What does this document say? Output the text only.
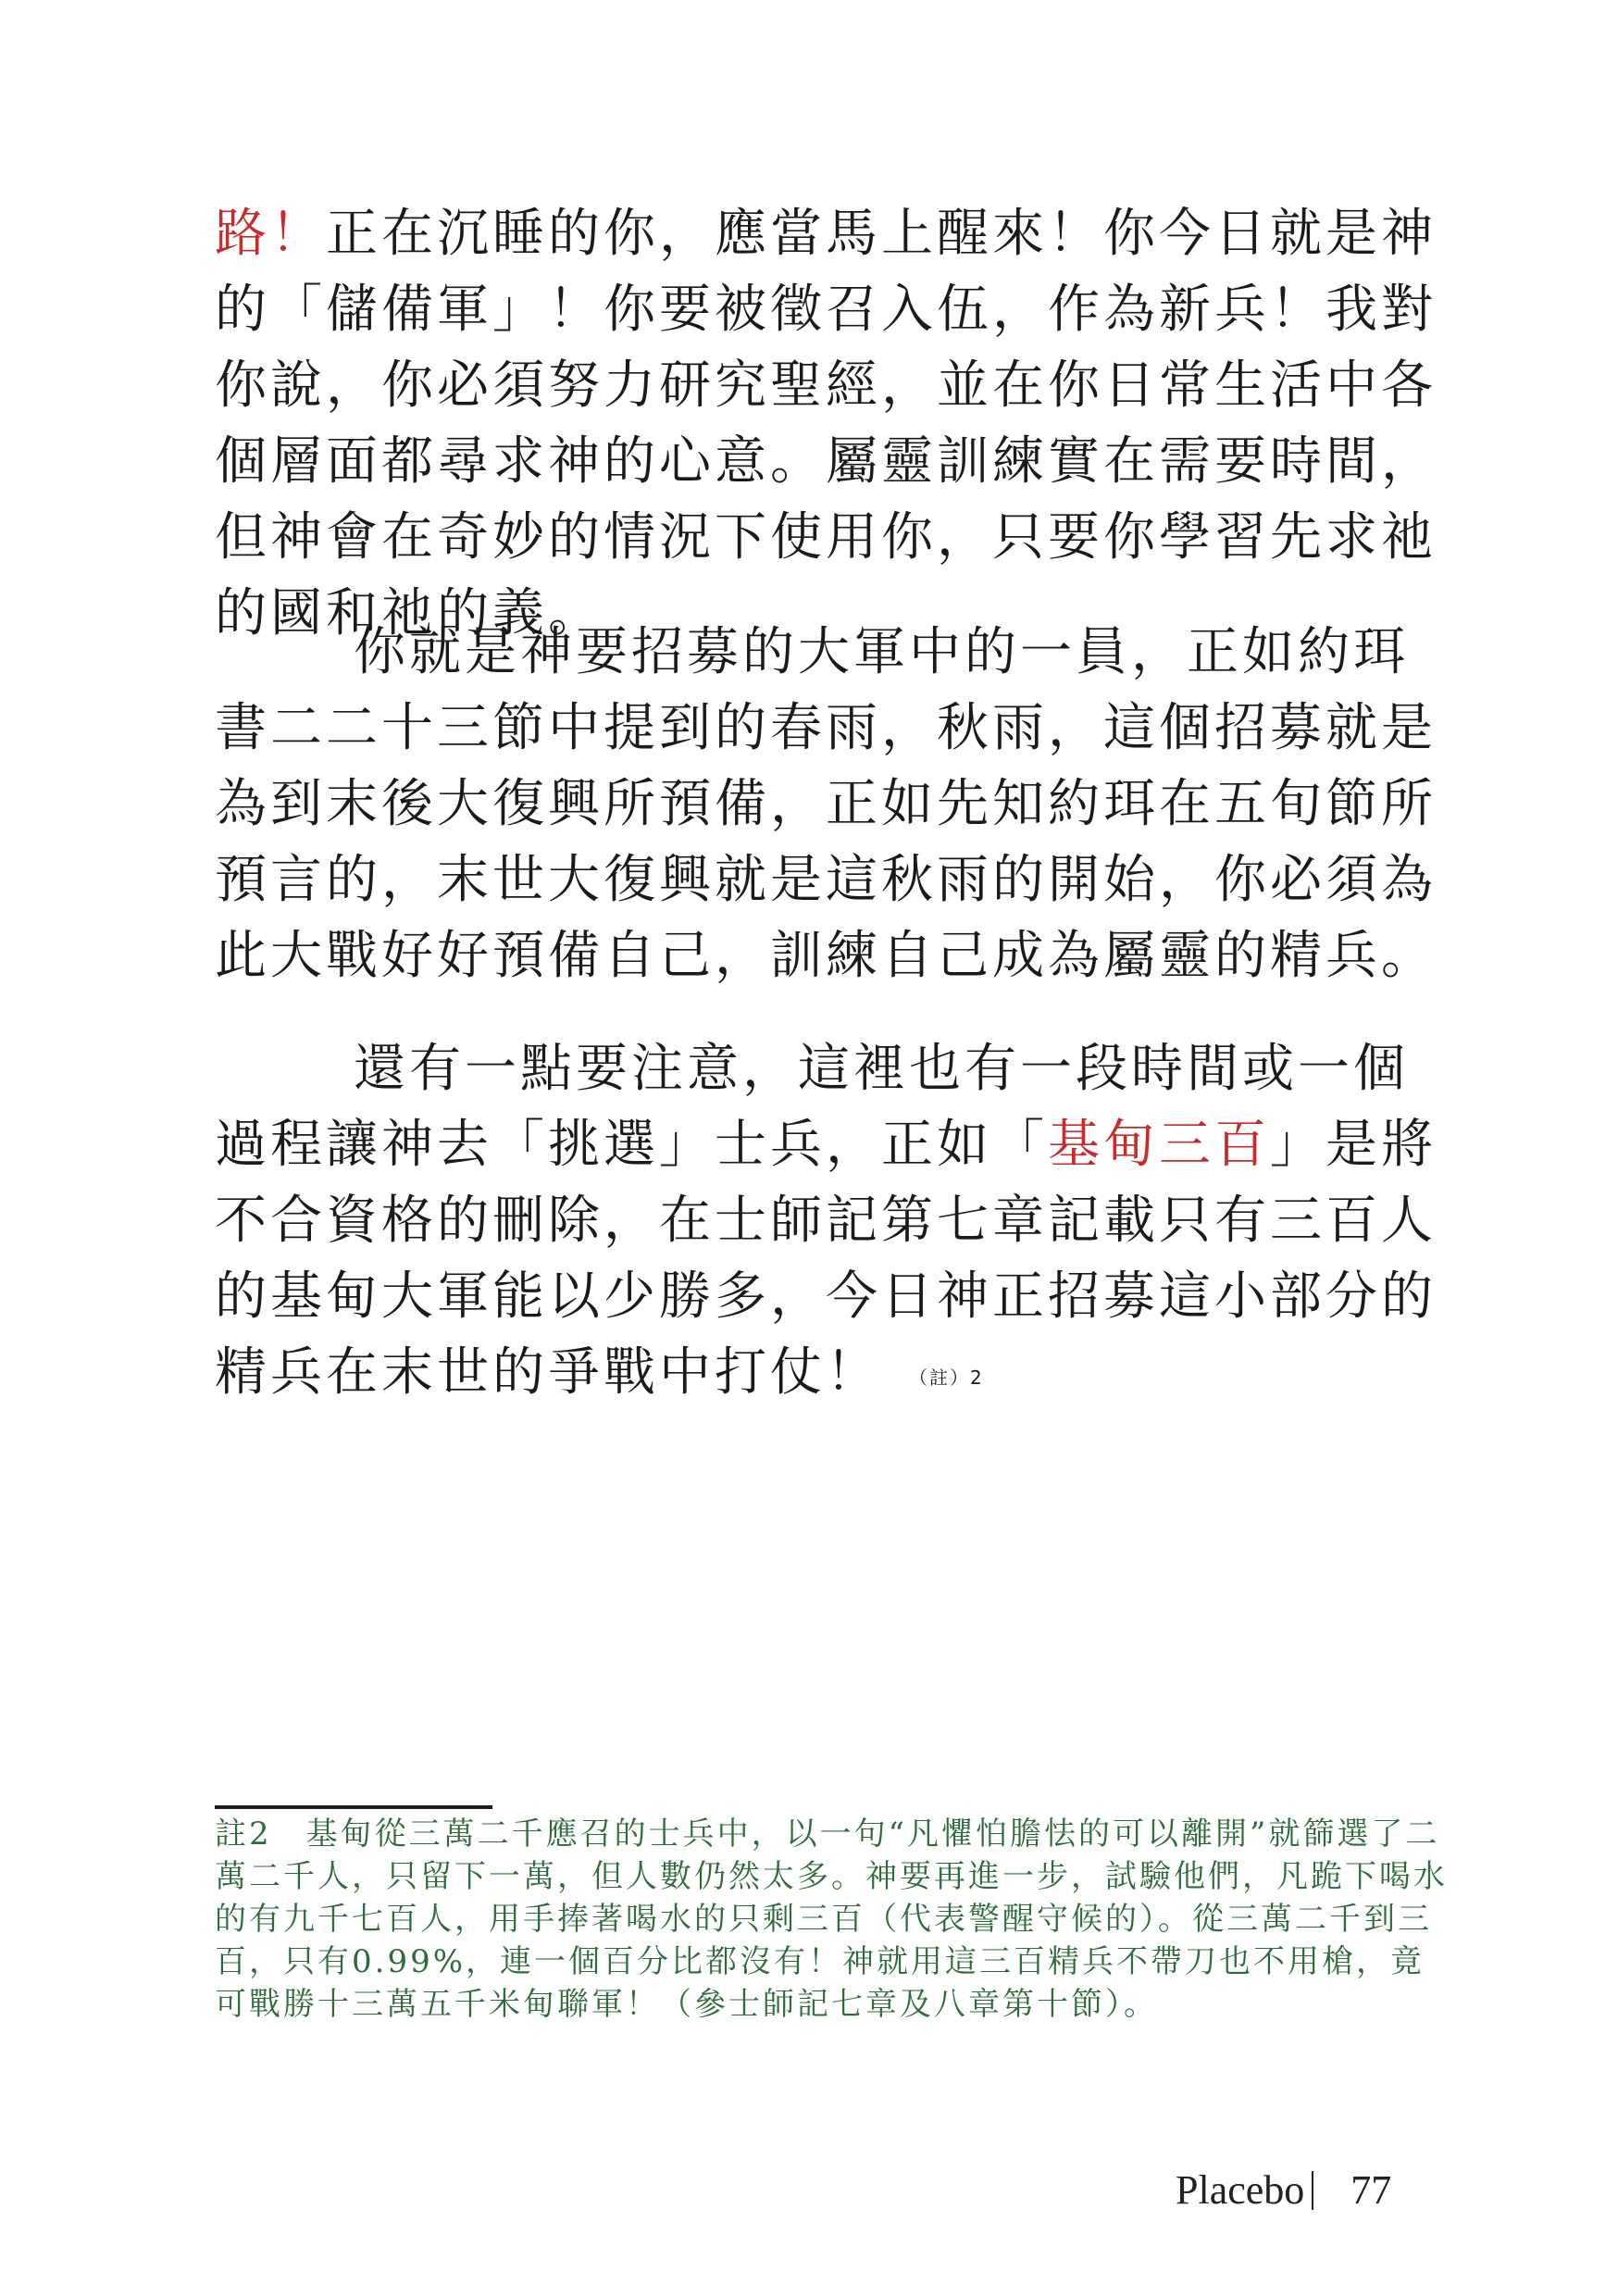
路！正在沉睡的你，應當馬上醒來！你今日就是神的「儲備軍」！你要被徵召入伍，作為新兵！我對你說，你必須努力研究聖經，並在你日常生活中各個層面都尋求神的心意。屬靈訓練實在需要時間，但神會在奇妙的情況下使用你，只要你學習先求祂的國和祂的義。

你就是神要招募的大軍中的一員，正如約珥書二二十三節中提到的春雨，秋雨，這個招募就是為到末後大復興所預備，正如先知約珥在五旬節所預言的，末世大復興就是這秋雨的開始，你必須為此大戰好好預備自己，訓練自己成為屬靈的精兵。

還有一點要注意，這裡也有一段時間或一個過程讓神去「挑選」士兵，正如「基甸三百」是將不合資格的刪除，在士師記第七章記載只有三百人的基甸大軍能以少勝多，今日神正招募這小部分的精兵在末世的爭戰中打仗！ （註）2

註2　基甸從三萬二千應召的士兵中，以一句“凡懼怕膽怯的可以離開”就篩選了二萬二千人，只留下一萬，但人數仍然太多。神要再進一步，試驗他們，凡跪下喝水的有九千七百人，用手捧著喝水的只剩三百（代表警醒守候的）。從三萬二千到三百，只有0.99%，連一個百分比都沒有！神就用這三百精兵不帶刀也不用槍，竟可戰勝十三萬五千米甸聯軍！（參士師記七章及八章第十節）。

Placebo 77
